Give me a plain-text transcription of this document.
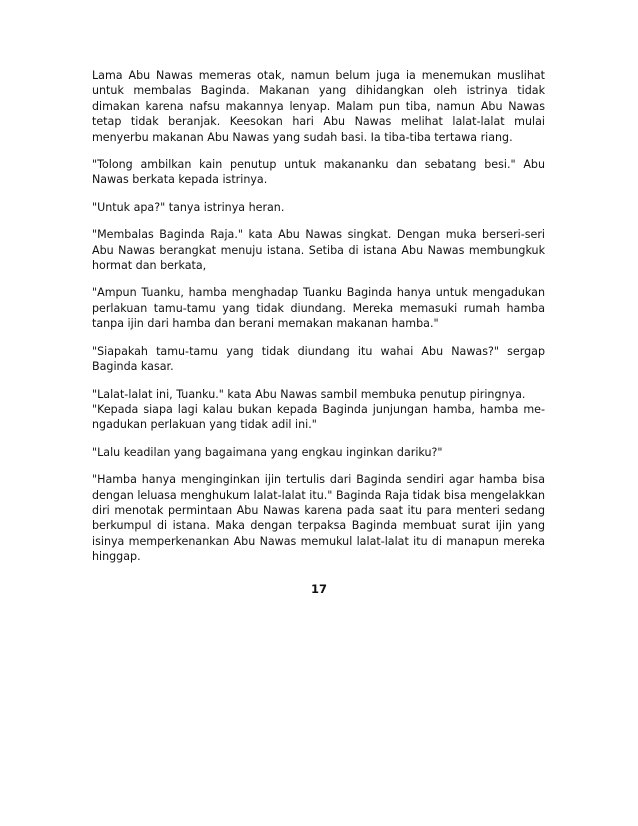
Lama Abu Nawas memeras otak, namun belum juga ia menemukan muslihat untuk membalas Baginda. Makanan yang dihidangkan oleh istrinya tidak dimakan karena nafsu makannya lenyap. Malam pun tiba, namun Abu Nawas tetap tidak beranjak. Keesokan hari Abu Nawas melihat lalat-lalat mulai menyerbu makanan Abu Nawas yang sudah basi. Ia tiba-tiba tertawa riang.

"Tolong ambilkan kain penutup untuk makananku dan sebatang besi." Abu Nawas berkata kepada istrinya.

"Untuk apa?" tanya istrinya heran.

"Membalas Baginda Raja." kata Abu Nawas singkat. Dengan muka berseri-seri Abu Nawas berangkat menuju istana. Setiba di istana Abu Nawas membungkuk hormat dan berkata,

"Ampun Tuanku, hamba menghadap Tuanku Baginda hanya untuk mengadukan perlakuan tamu-tamu yang tidak diundang. Mereka memasuki rumah hamba tanpa ijin dari hamba dan berani memakan makanan hamba."

"Siapakah tamu-tamu yang tidak diundang itu wahai Abu Nawas?" sergap Baginda kasar.

"Lalat-lalat ini, Tuanku." kata Abu Nawas sambil membuka penutup piringnya.

"Kepada siapa lagi kalau bukan kepada Baginda junjungan hamba, hamba me-ngadukan perlakuan yang tidak adil ini."

"Lalu keadilan yang bagaimana yang engkau inginkan dariku?"

"Hamba hanya menginginkan ijin tertulis dari Baginda sendiri agar hamba bisa dengan leluasa menghukum lalat-lalat itu." Baginda Raja tidak bisa mengelakkan diri menotak permintaan Abu Nawas karena pada saat itu para menteri sedang berkumpul di istana. Maka dengan terpaksa Baginda membuat surat ijin yang isinya memperkenankan Abu Nawas memukul lalat-lalat itu di manapun mereka hinggap.

17
